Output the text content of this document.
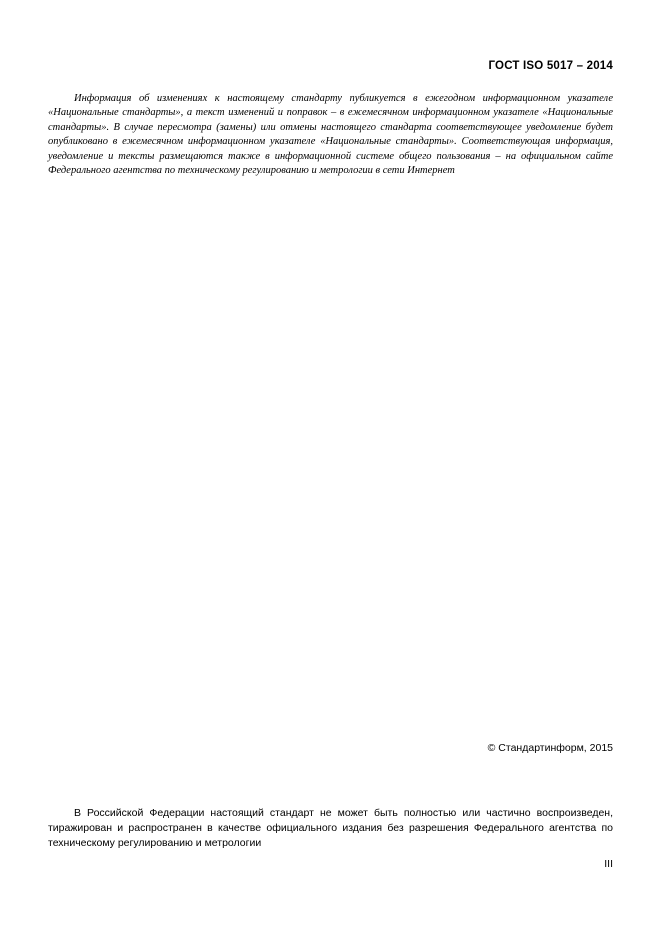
ГОСТ ISO 5017 – 2014
Информация об изменениях к настоящему стандарту публикуется в ежегодном информационном указателе «Национальные стандарты», а текст изменений и поправок – в ежемесячном информационном указателе «Национальные стандарты». В случае пересмотра (замены) или отмены настоящего стандарта соответствующее уведомление будет опубликовано в ежемесячном информационном указателе «Национальные стандарты». Соответствующая информация, уведомление и тексты размещаются также в информационной системе общего пользования – на официальном сайте Федерального агентства по техническому регулированию и метрологии в сети Интернет
© Стандартинформ, 2015
В Российской Федерации настоящий стандарт не может быть полностью или частично воспроизведен, тиражирован и распространен в качестве официального издания без разрешения Федерального агентства по техническому регулированию и метрологии
III
